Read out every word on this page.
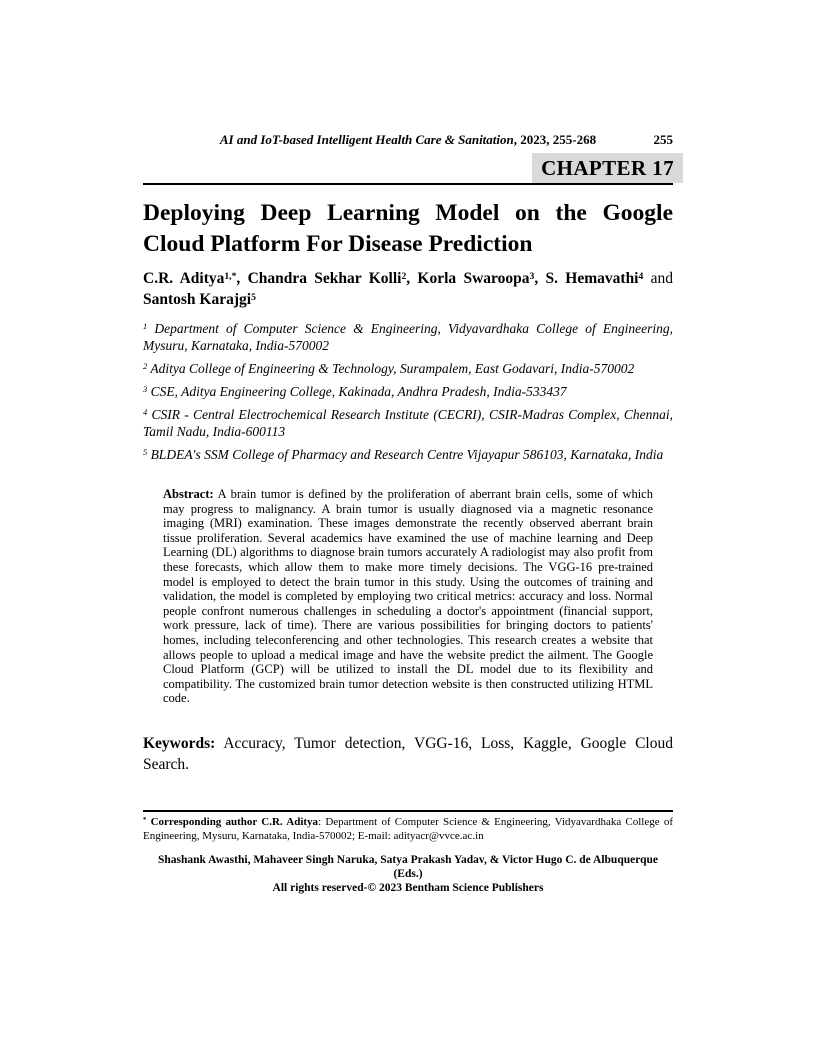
AI and IoT-based Intelligent Health Care & Sanitation, 2023, 255-268	255
CHAPTER 17
Deploying Deep Learning Model on the Google Cloud Platform For Disease Prediction
C.R. Aditya$^{1,*}$, Chandra Sekhar Kolli$^2$, Korla Swaroopa$^3$, S. Hemavathi$^4$ and Santosh Karajgi$^5$
$^1$ Department of Computer Science & Engineering, Vidyavardhaka College of Engineering, Mysuru, Karnataka, India-570002
$^2$ Aditya College of Engineering & Technology, Surampalem, East Godavari, India-570002
$^3$ CSE, Aditya Engineering College, Kakinada, Andhra Pradesh, India-533437
$^4$ CSIR - Central Electrochemical Research Institute (CECRI), CSIR-Madras Complex, Chennai, Tamil Nadu, India-600113
$^5$ BLDEA's SSM College of Pharmacy and Research Centre Vijayapur 586103, Karnataka, India
Abstract: A brain tumor is defined by the proliferation of aberrant brain cells, some of which may progress to malignancy. A brain tumor is usually diagnosed via a magnetic resonance imaging (MRI) examination. These images demonstrate the recently observed aberrant brain tissue proliferation. Several academics have examined the use of machine learning and Deep Learning (DL) algorithms to diagnose brain tumors accurately A radiologist may also profit from these forecasts, which allow them to make more timely decisions. The VGG-16 pre-trained model is employed to detect the brain tumor in this study. Using the outcomes of training and validation, the model is completed by employing two critical metrics: accuracy and loss. Normal people confront numerous challenges in scheduling a doctor's appointment (financial support, work pressure, lack of time). There are various possibilities for bringing doctors to patients' homes, including teleconferencing and other technologies. This research creates a website that allows people to upload a medical image and have the website predict the ailment. The Google Cloud Platform (GCP) will be utilized to install the DL model due to its flexibility and compatibility. The customized brain tumor detection website is then constructed utilizing HTML code.
Keywords: Accuracy, Tumor detection, VGG-16, Loss, Kaggle, Google Cloud Search.
* Corresponding author C.R. Aditya: Department of Computer Science & Engineering, Vidyavardhaka College of Engineering, Mysuru, Karnataka, India-570002; E-mail: adityacr@vvce.ac.in
Shashank Awasthi, Mahaveer Singh Naruka, Satya Prakash Yadav, & Victor Hugo C. de Albuquerque (Eds.)
All rights reserved-© 2023 Bentham Science Publishers
